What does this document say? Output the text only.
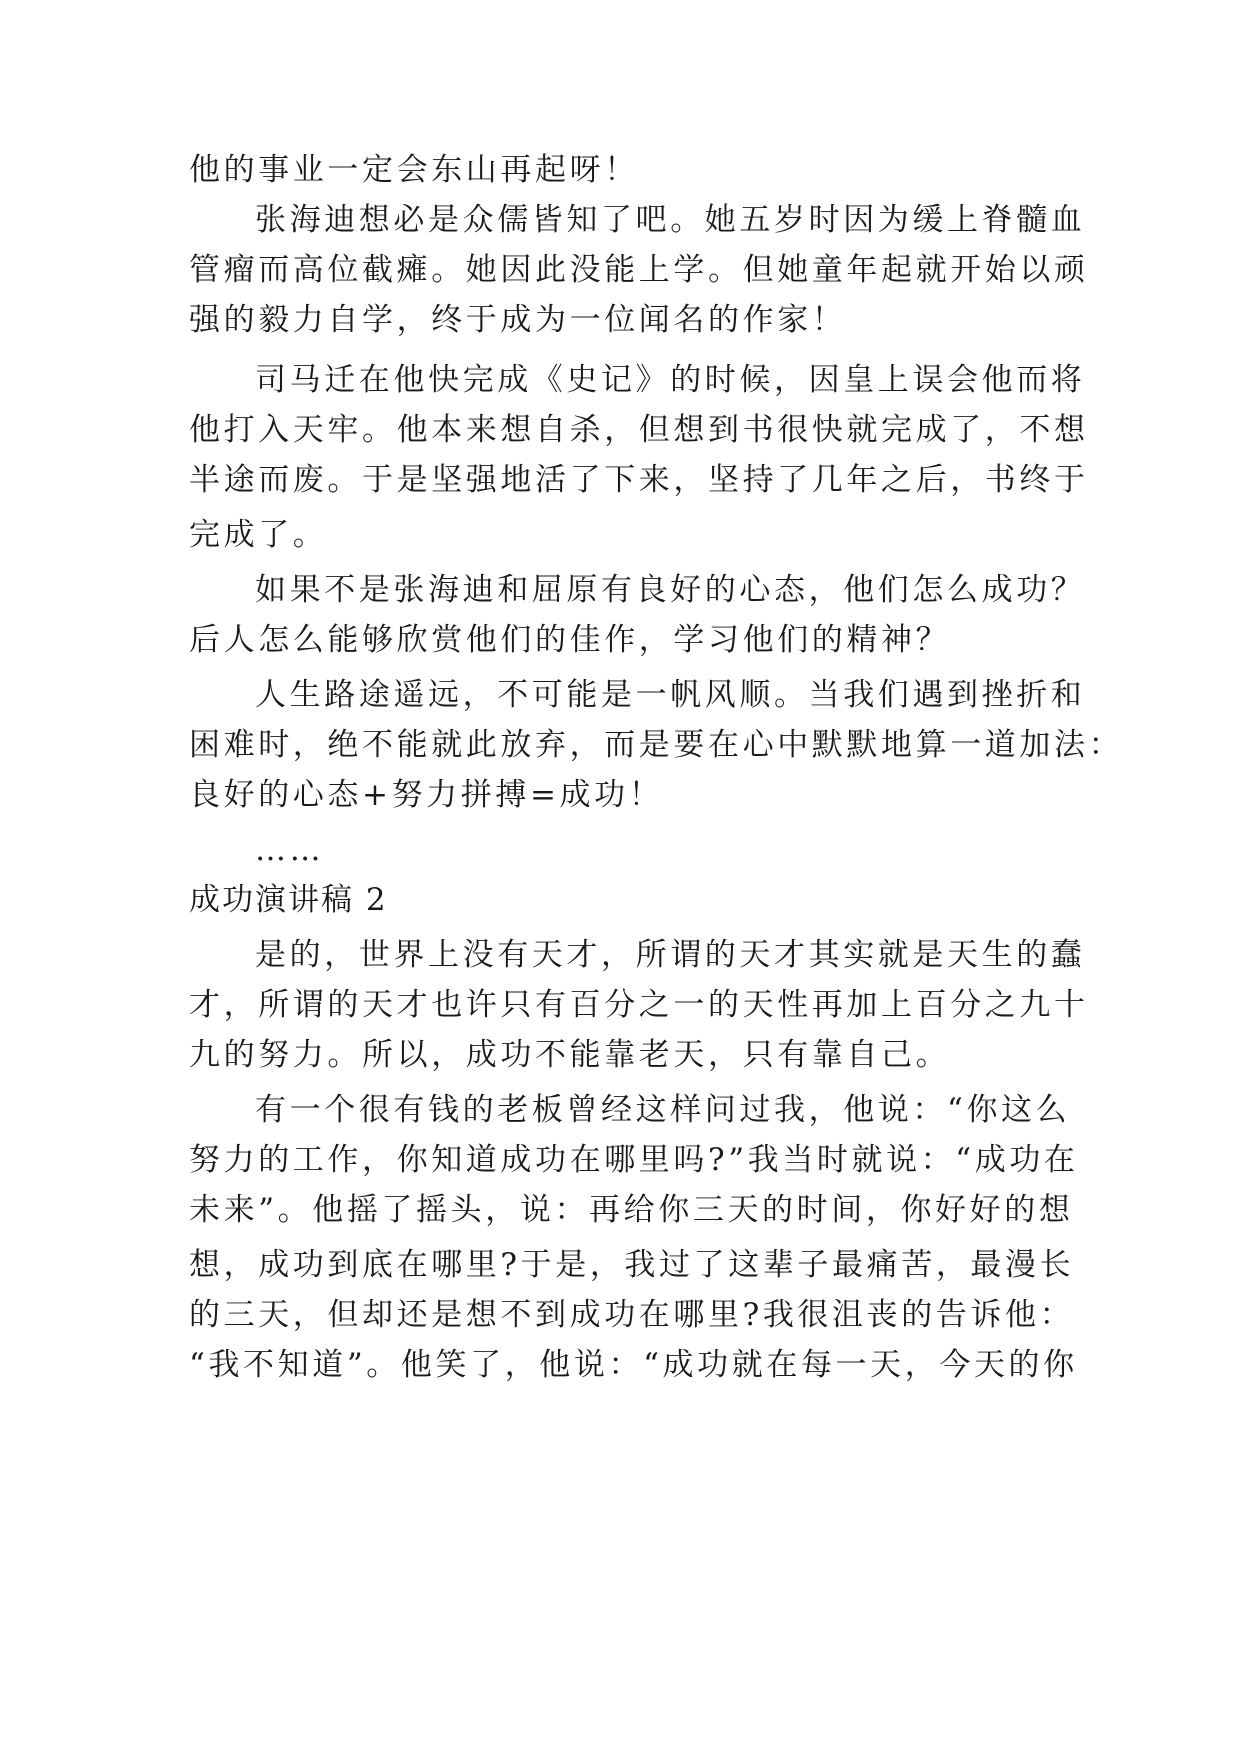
他的事业一定会东山再起呀！
张海迪想必是众儒皆知了吧。她五岁时因为缓上脊髓血
管瘤而高位截瘫。她因此没能上学。但她童年起就开始以顽
强的毅力自学，终于成为一位闻名的作家！
司马迁在他快完成《史记》的时候，因皇上误会他而将
他打入天牢。他本来想自杀，但想到书很快就完成了，不想
半途而废。于是坚强地活了下来，坚持了几年之后，书终于
完成了。
如果不是张海迪和屈原有良好的心态，他们怎么成功？
后人怎么能够欣赏他们的佳作，学习他们的精神？
人生路途遥远，不可能是一帆风顺。当我们遇到挫折和
困难时，绝不能就此放弃，而是要在心中默默地算一道加法：
良好的心态+努力拼搏=成功！
……
成功演讲稿 2
是的，世界上没有天才，所谓的天才其实就是天生的蠢
才，所谓的天才也许只有百分之一的天性再加上百分之九十
九的努力。所以，成功不能靠老天，只有靠自己。
有一个很有钱的老板曾经这样问过我，他说：“你这么
努力的工作，你知道成功在哪里吗?”我当时就说：“成功在
未来”。他摇了摇头，说：再给你三天的时间，你好好的想
想，成功到底在哪里?于是，我过了这辈子最痛苦，最漫长
的三天，但却还是想不到成功在哪里?我很沮丧的告诉他：
“我不知道”。他笑了，他说：“成功就在每一天，今天的你
